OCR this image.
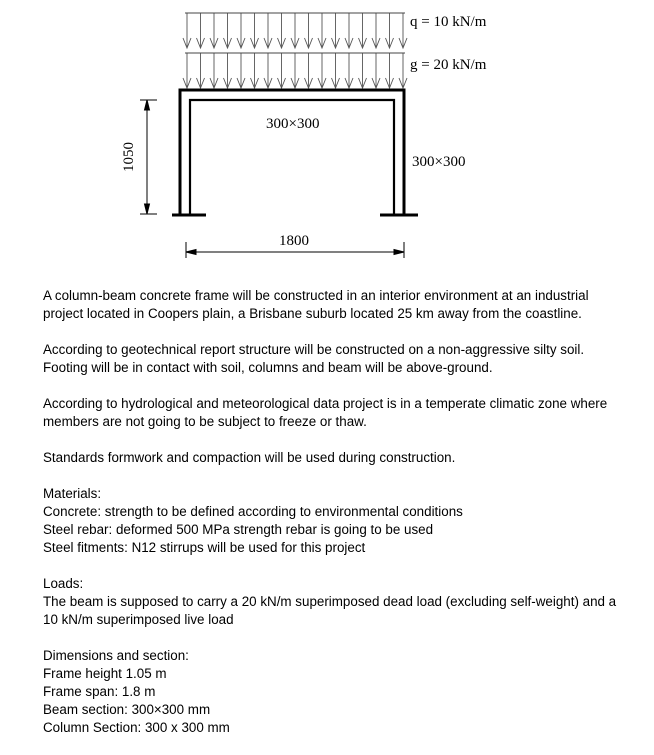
q = 10 kN/m
g = 20 kN/m
300×300
300×300
1800
1050

A column-beam concrete frame will be constructed in an interior environment at an industrial project located in Coopers plain, a Brisbane suburb located 25 km away from the coastline.

According to geotechnical report structure will be constructed on a non-aggressive silty soil. Footing will be in contact with soil, columns and beam will be above-ground.

According to hydrological and meteorological data project is in a temperate climatic zone where members are not going to be subject to freeze or thaw.

Standards formwork and compaction will be used during construction.

Materials:
Concrete: strength to be defined according to environmental conditions
Steel rebar: deformed 500 MPa strength rebar is going to be used
Steel fitments: N12 stirrups will be used for this project

Loads:
The beam is supposed to carry a 20 kN/m superimposed dead load (excluding self-weight) and a 10 kN/m superimposed live load

Dimensions and section:
Frame height 1.05 m
Frame span: 1.8 m
Beam section: 300×300 mm
Column Section: 300 x 300 mm
